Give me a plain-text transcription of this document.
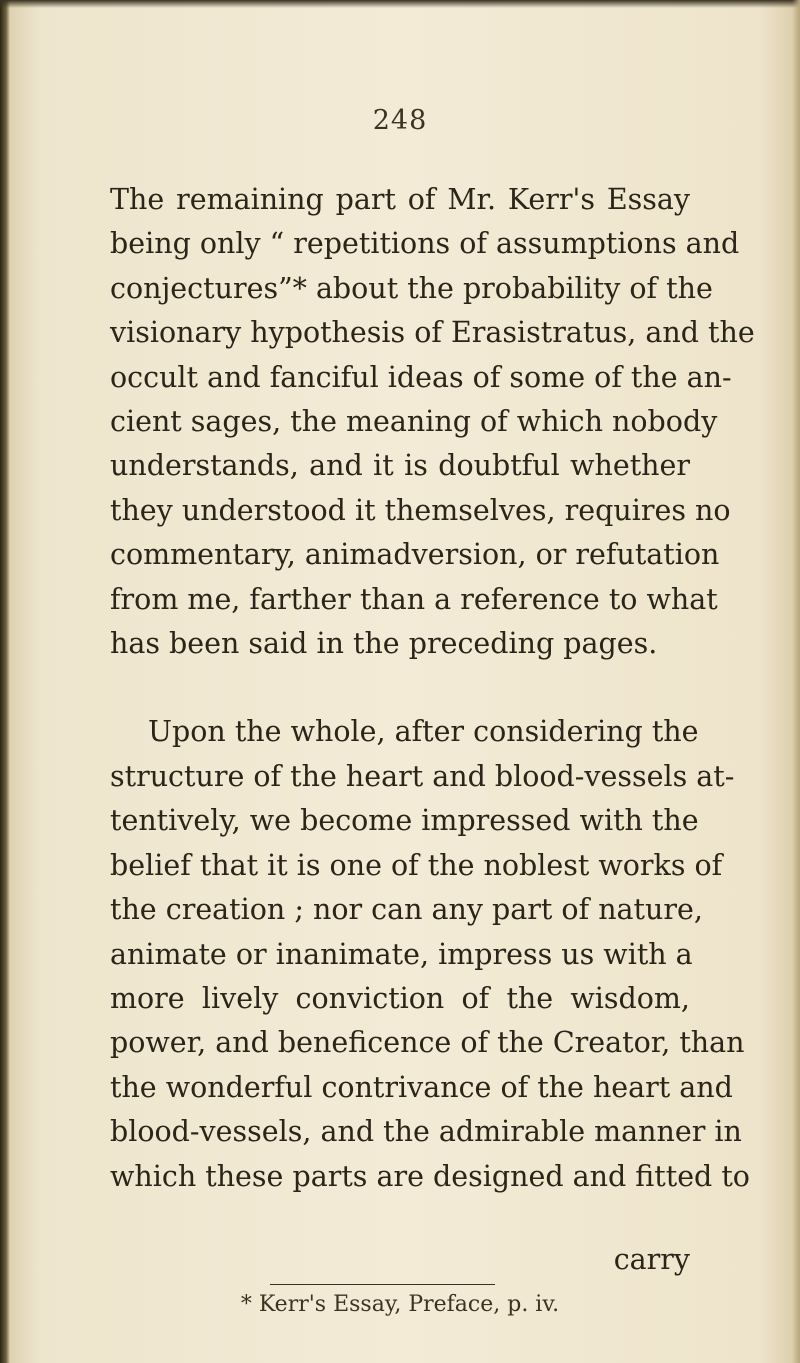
248
The remaining part of Mr. Kerr's Essay
being only “ repetitions of assumptions and
conjectures”* about the probability of the
visionary hypothesis of Erasistratus, and the
occult and fanciful ideas of some of the an-
cient sages, the meaning of which nobody
understands, and it is doubtful whether
they understood it themselves, requires no
commentary, animadversion, or refutation
from me, farther than a reference to what
has been said in the preceding pages.
Upon the whole, after considering the
structure of the heart and blood-vessels at-
tentively, we become impressed with the
belief that it is one of the noblest works of
the creation ; nor can any part of nature,
animate or inanimate, impress us with a
more lively conviction of the wisdom,
power, and beneficence of the Creator, than
the wonderful contrivance of the heart and
blood-vessels, and the admirable manner in
which these parts are designed and fitted to
carry
* Kerr's Essay, Preface, p. iv.
